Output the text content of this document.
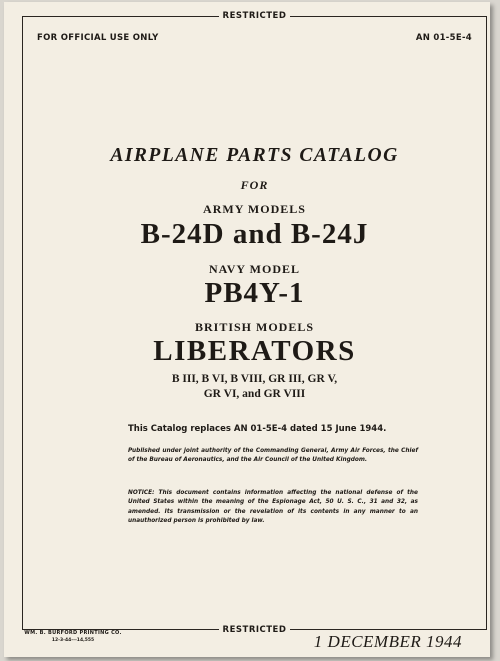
RESTRICTED
FOR OFFICIAL USE ONLY	AN 01-5E-4
AIRPLANE PARTS CATALOG
FOR
ARMY MODELS
B-24D and B-24J
NAVY MODEL
PB4Y-1
BRITISH MODELS
LIBERATORS
B III, B VI, B VIII, GR III, GR V,
GR VI, and GR VIII
This Catalog replaces AN 01-5E-4 dated 15 June 1944.
Published under joint authority of the Commanding General, Army Air Forces, the Chief of the Bureau of Aeronautics, and the Air Council of the United Kingdom.
NOTICE: This document contains information affecting the national defense of the United States within the meaning of the Espionage Act, 50 U. S. C., 31 and 32, as amended. Its transmission or the revelation of its contents in any manner to an unauthorized person is prohibited by law.
RESTRICTED
WM. B. BURFORD PRINTING CO.
12-3-44---14,555	1 DECEMBER 1944
